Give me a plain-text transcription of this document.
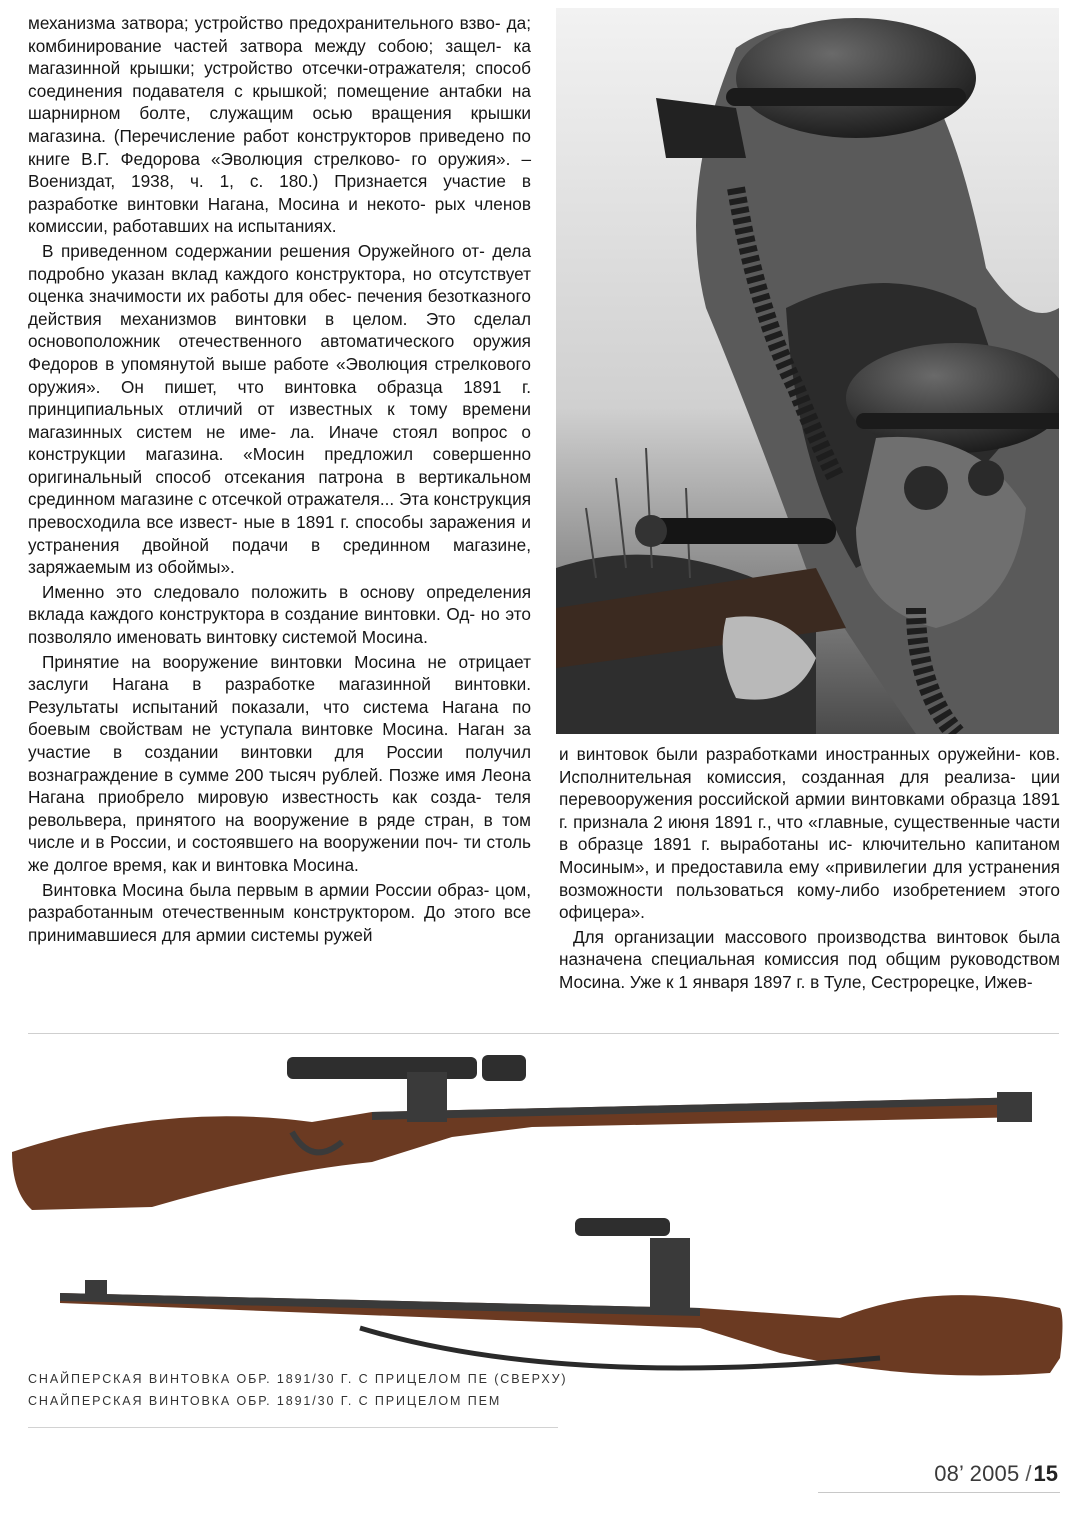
механизма затвора; устройство предохранительного взво- да; комбинирование частей затвора между собою; защел- ка магазинной крышки; устройство отсечки-отражателя; способ соединения подавателя с крышкой; помещение антабки на шарнирном болте, служащим осью вращения крышки магазина. (Перечисление работ конструкторов приведено по книге В.Г. Федорова «Эволюция стрелково- го оружия». – Воениздат, 1938, ч. 1, с. 180.) Признается участие в разработке винтовки Нагана, Мосина и некото- рых членов комиссии, работавших на испытаниях.

В приведенном содержании решения Оружейного от- дела подробно указан вклад каждого конструктора, но отсутствует оценка значимости их работы для обес- печения безотказного действия механизмов винтовки в целом. Это сделал основоположник отечественного автоматического оружия Федоров в упомянутой выше работе «Эволюция стрелкового оружия». Он пишет, что винтовка образца 1891 г. принципиальных отличий от известных к тому времени магазинных систем не име- ла. Иначе стоял вопрос о конструкции магазина. «Мосин предложил совершенно оригинальный способ отсекания патрона в вертикальном срединном магазине с отсечкой отражателя... Эта конструкция превосходила все извест- ные в 1891 г. способы заражения и устранения двойной подачи в срединном магазине, заряжаемым из обоймы».

Именно это следовало положить в основу определения вклада каждого конструктора в создание винтовки. Од- но это позволяло именовать винтовку системой Мосина.

Принятие на вооружение винтовки Мосина не отрицает заслуги Нагана в разработке магазинной винтовки. Результаты испытаний показали, что система Нагана по боевым свойствам не уступала винтовке Мосина. Наган за участие в создании винтовки для России получил вознаграждение в сумме 200 тысяч рублей. Позже имя Леона Нагана приобрело мировую известность как созда- теля револьвера, принятого на вооружение в ряде стран, в том числе и в России, и состоявшего на вооружении поч- ти столь же долгое время, как и винтовка Мосина.

Винтовка Мосина была первым в армии России образ- цом, разработанным отечественным конструктором. До этого все принимавшиеся для армии системы ружей

и винтовок были разработками иностранных оружейни- ков. Исполнительная комиссия, созданная для реализа- ции перевооружения российской армии винтовками образца 1891 г. признала 2 июня 1891 г., что «главные, существенные части в образце 1891 г. выработаны ис- ключительно капитаном Мосиным», и предоставила ему «привилегии для устранения возможности пользоваться кому-либо изобретением этого офицера».

Для организации массового производства винтовок была назначена специальная комиссия под общим руководством Мосина. Уже к 1 января 1897 г. в Туле, Сестрорецке, Ижев-

СНАЙПЕРСКАЯ ВИНТОВКА ОБР. 1891/30 Г. С ПРИЦЕЛОМ ПЕ (СВЕРХУ)
СНАЙПЕРСКАЯ ВИНТОВКА ОБР. 1891/30 Г. С ПРИЦЕЛОМ ПЕМ
08’ 2005 /15
